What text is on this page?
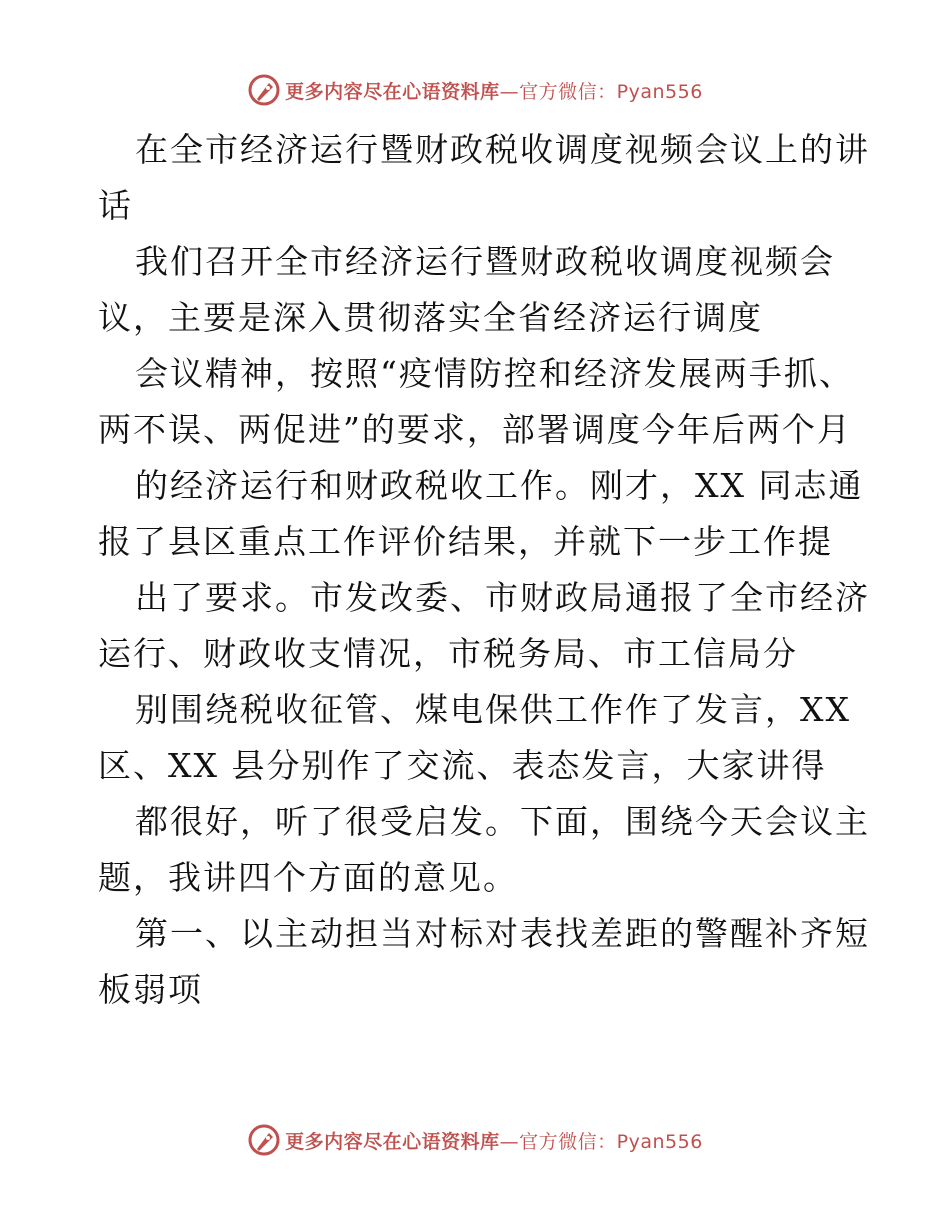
更多内容尽在心语资料库—官方微信：Pyan556
在全市经济运行暨财政税收调度视频会议上的讲
话
我们召开全市经济运行暨财政税收调度视频会
议，主要是深入贯彻落实全省经济运行调度
会议精神，按照“疫情防控和经济发展两手抓、
两不误、两促进”的要求，部署调度今年后两个月
的经济运行和财政税收工作。刚才，XX 同志通
报了县区重点工作评价结果，并就下一步工作提
出了要求。市发改委、市财政局通报了全市经济
运行、财政收支情况，市税务局、市工信局分
别围绕税收征管、煤电保供工作作了发言，XX
区、XX 县分别作了交流、表态发言，大家讲得
都很好，听了很受启发。下面，围绕今天会议主
题，我讲四个方面的意见。
第一、以主动担当对标对表找差距的警醒补齐短
板弱项
更多内容尽在心语资料库—官方微信：Pyan556
